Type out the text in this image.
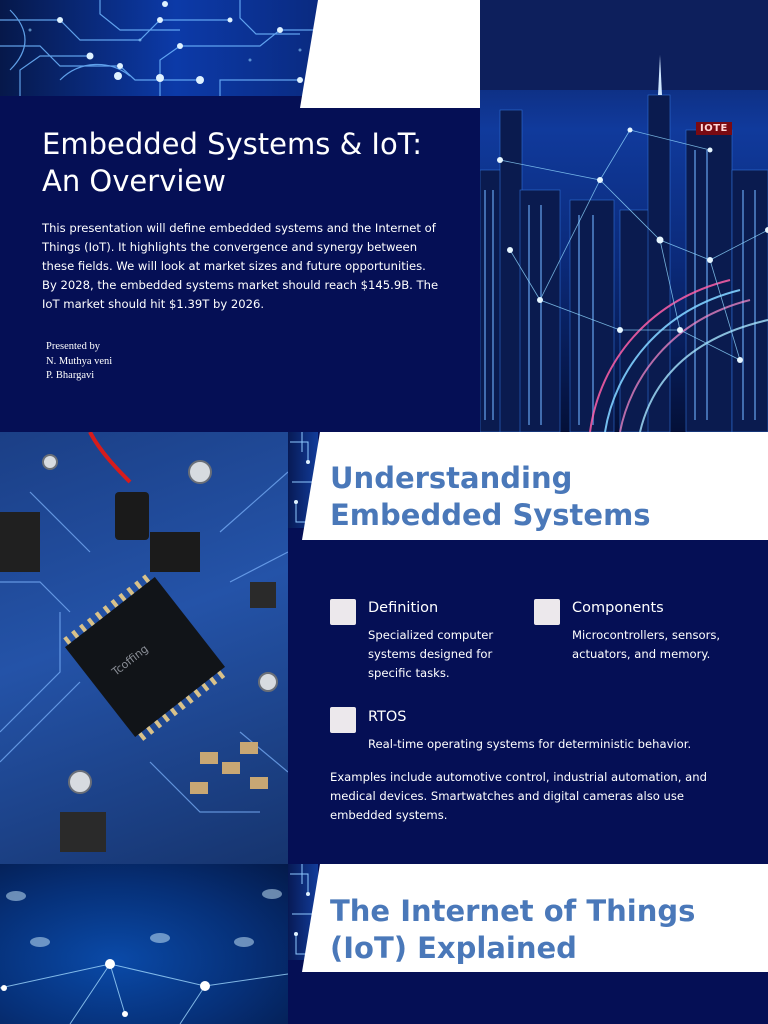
Embedded Systems & IoT:
An Overview

This presentation will define embedded systems and the Internet of Things (IoT). It highlights the convergence and synergy between these fields. We will look at market sizes and future opportunities. By 2028, the embedded systems market should reach $145.9B. The IoT market should hit $1.39T by 2026.

Presented by
N. Muthya veni
P. Bhargavi
IOTE
Tcoffing
Understanding Embedded Systems
Definition
Specialized computer systems designed for specific tasks.
Components
Microcontrollers, sensors, actuators, and memory.
RTOS
Real-time operating systems for deterministic behavior.

Examples include automotive control, industrial automation, and medical devices. Smartwatches and digital cameras also use embedded systems.

The Internet of Things (IoT) Explained
